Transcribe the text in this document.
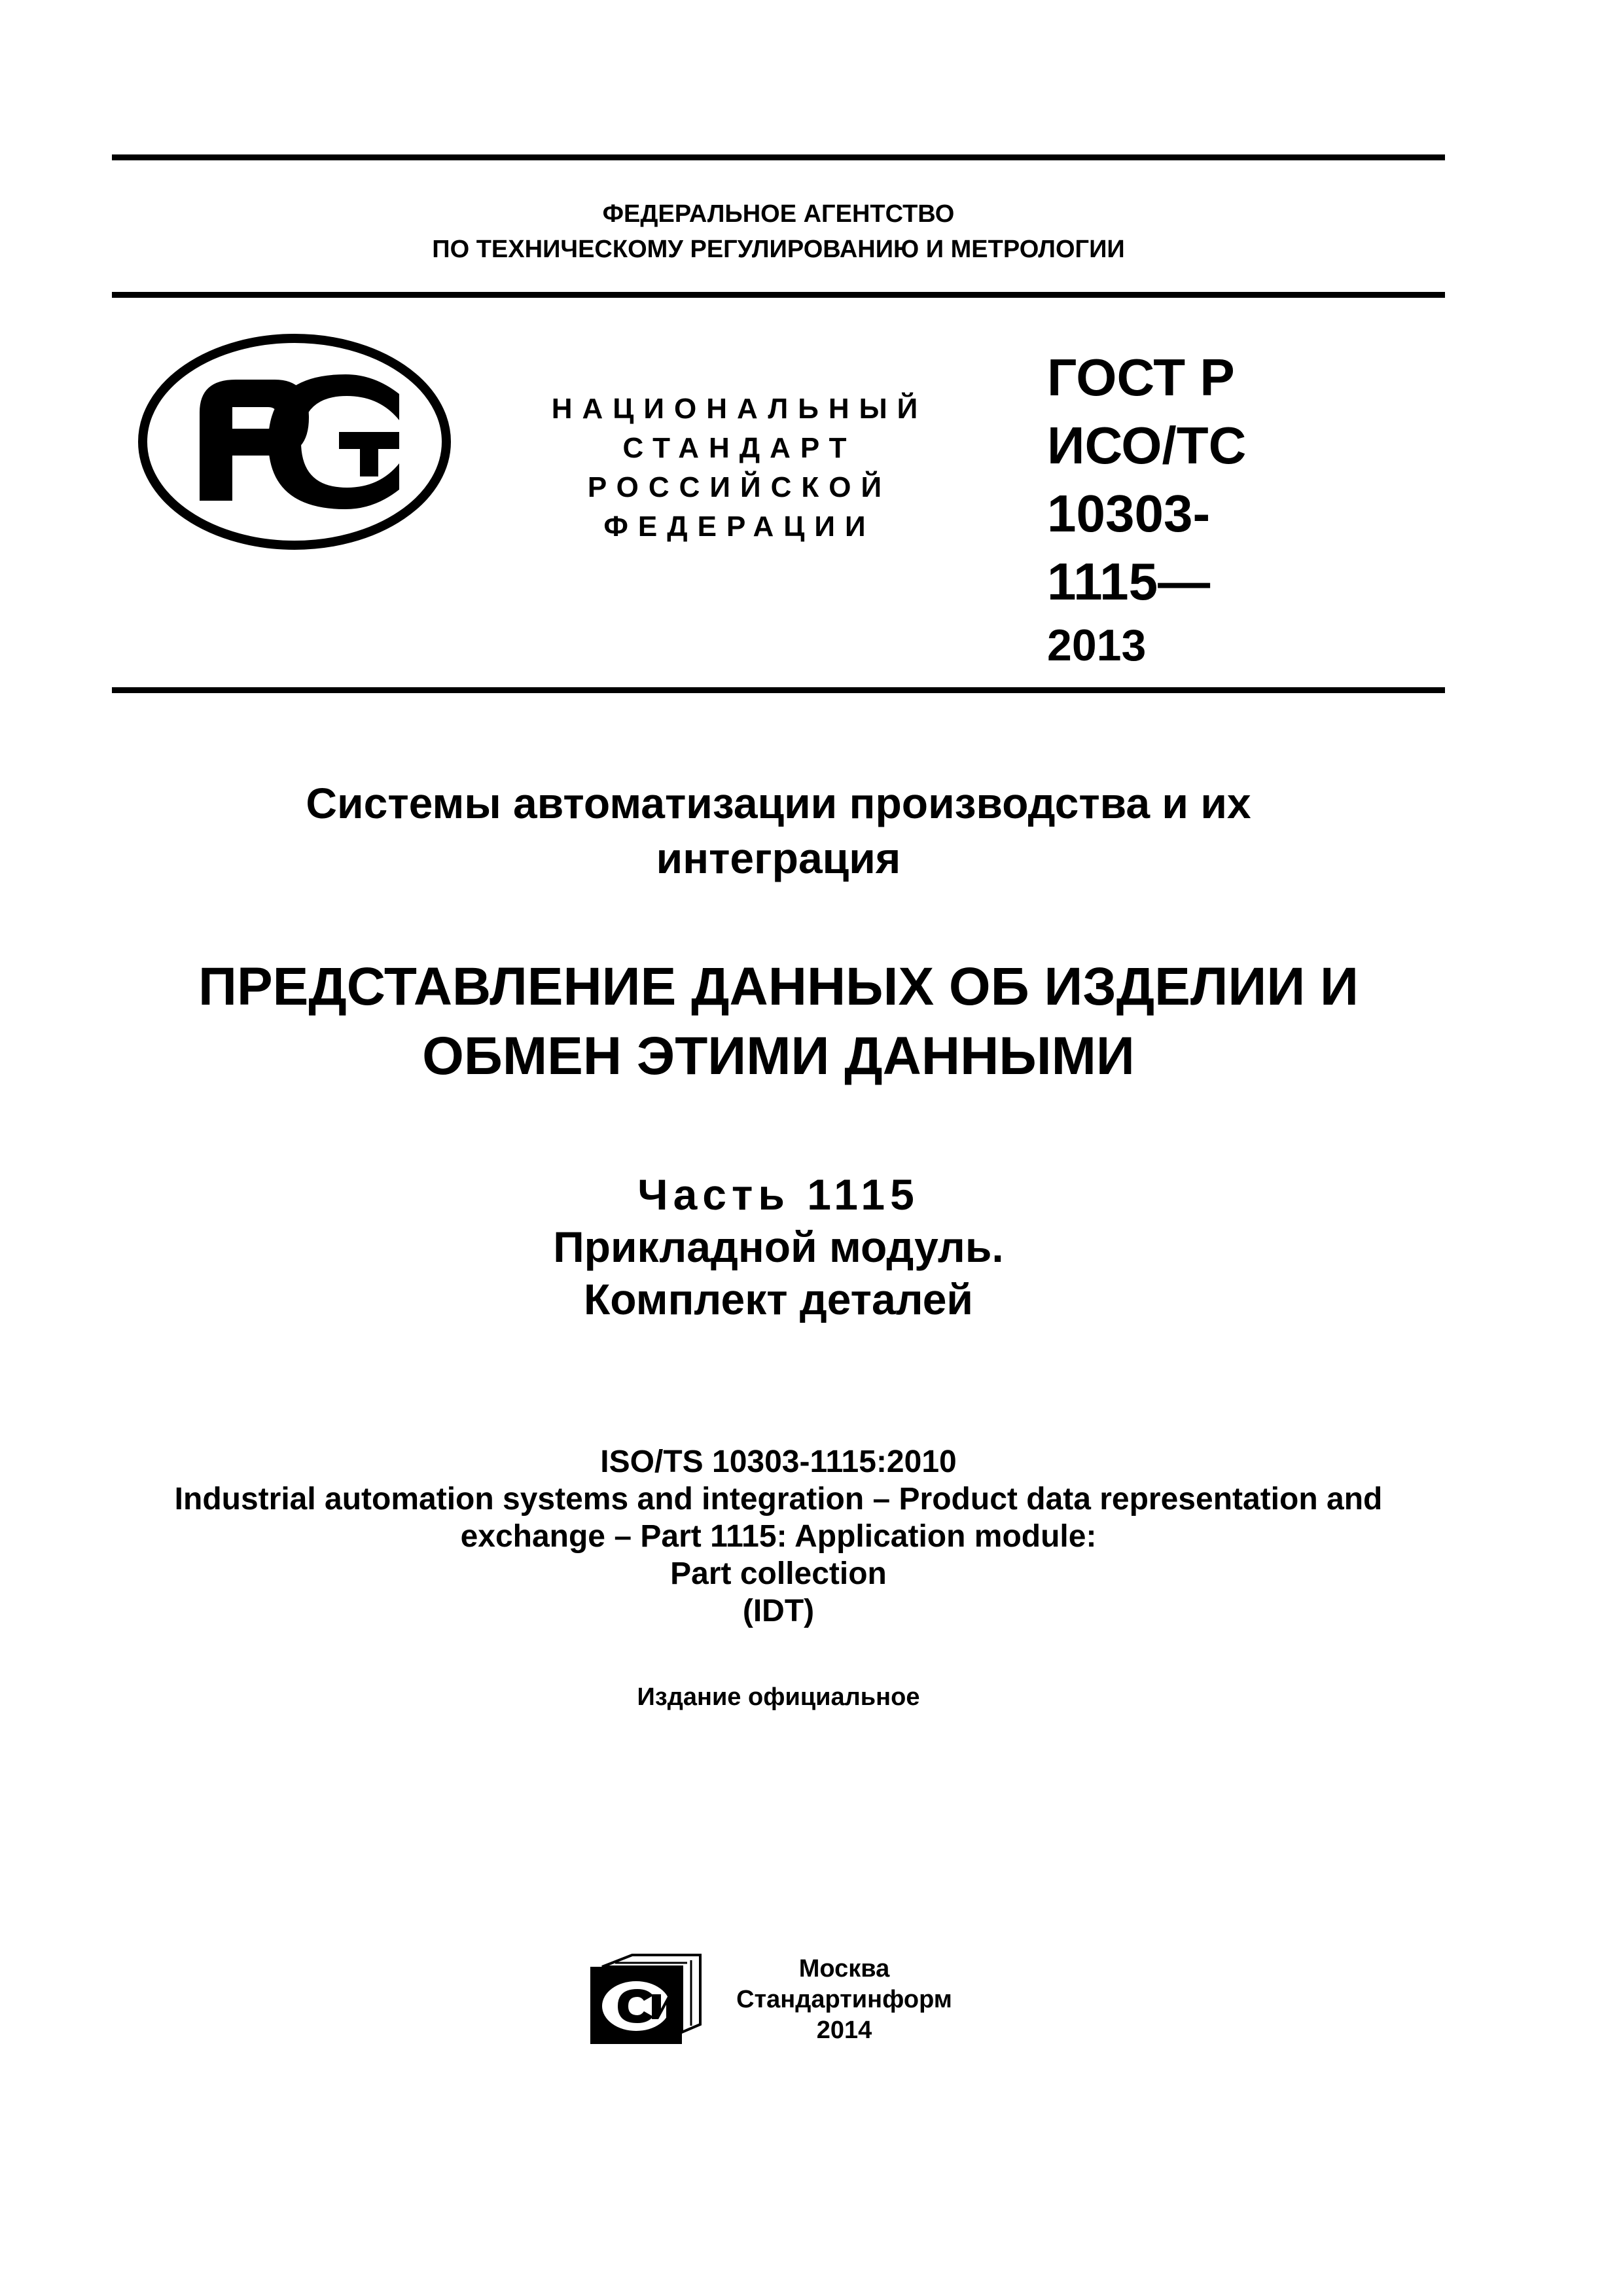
ФЕДЕРАЛЬНОЕ АГЕНТСТВО
ПО ТЕХНИЧЕСКОМУ РЕГУЛИРОВАНИЮ И МЕТРОЛОГИИ
НАЦИОНАЛЬНЫЙ
СТАНДАРТ
РОССИЙСКОЙ
ФЕДЕРАЦИИ
ГОСТ Р
ИСО/ТС
10303-
1115—
2013
Системы автоматизации производства и их
интеграция
ПРЕДСТАВЛЕНИЕ ДАННЫХ ОБ ИЗДЕЛИИ И
ОБМЕН ЭТИМИ ДАННЫМИ
Часть 1115
Прикладной модуль.
Комплект деталей
ISO/TS 10303-1115:2010
Industrial automation systems and integration – Product data representation and
exchange – Part 1115: Application module:
Part collection
(IDT)
Издание официальное
Москва
Стандартинформ
2014
